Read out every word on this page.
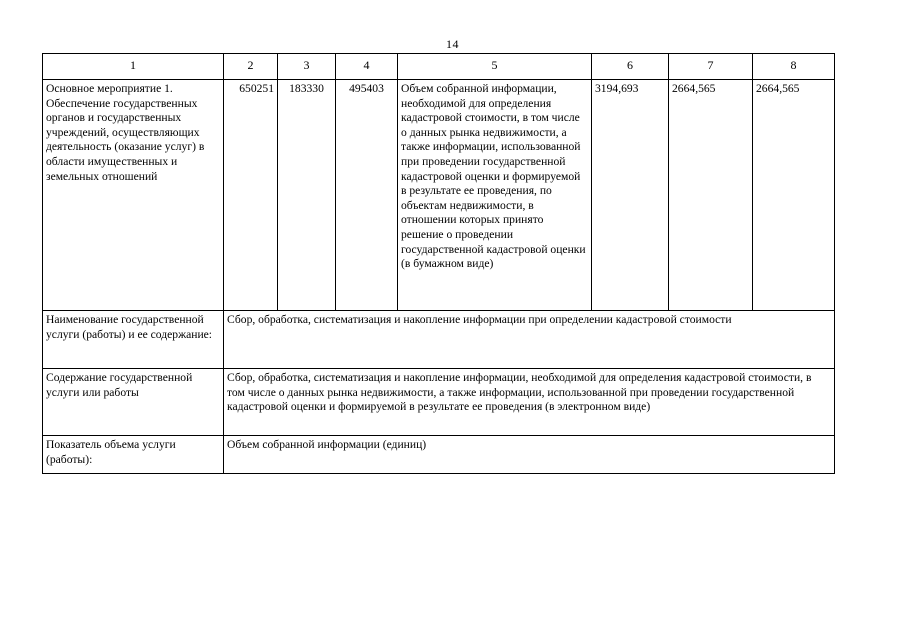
14
1	2	3	4	5	6	7	8
Основное мероприятие 1. Обеспечение государственных органов и государственных учреждений, осуществляющих деятельность (оказание услуг) в области имущественных и земельных отношений	650251	183330	495403	Объем собранной информации, необходимой для определения кадастровой стоимости, в том числе о данных рынка недвижимости, а также информации, использованной при проведении государственной кадастровой оценки и формируемой в результате ее проведения, по объектам недвижимости, в отношении которых принято решение о проведении государственной кадастровой оценки (в бумажном виде)	3194,693	2664,565	2664,565
Наименование государственной услуги (работы) и ее содержание:	Сбор, обработка, систематизация и накопление информации при определении кадастровой стоимости						
Содержание государственной услуги или работы	Сбор, обработка, систематизация и накопление информации, необходимой для определения кадастровой стоимости, в том числе о данных рынка недвижимости, а также информации, использованной при проведении государственной кадастровой оценки и формируемой в результате ее проведения (в электронном виде)						
Показатель объема услуги (работы):	Объем собранной информации (единиц)						
